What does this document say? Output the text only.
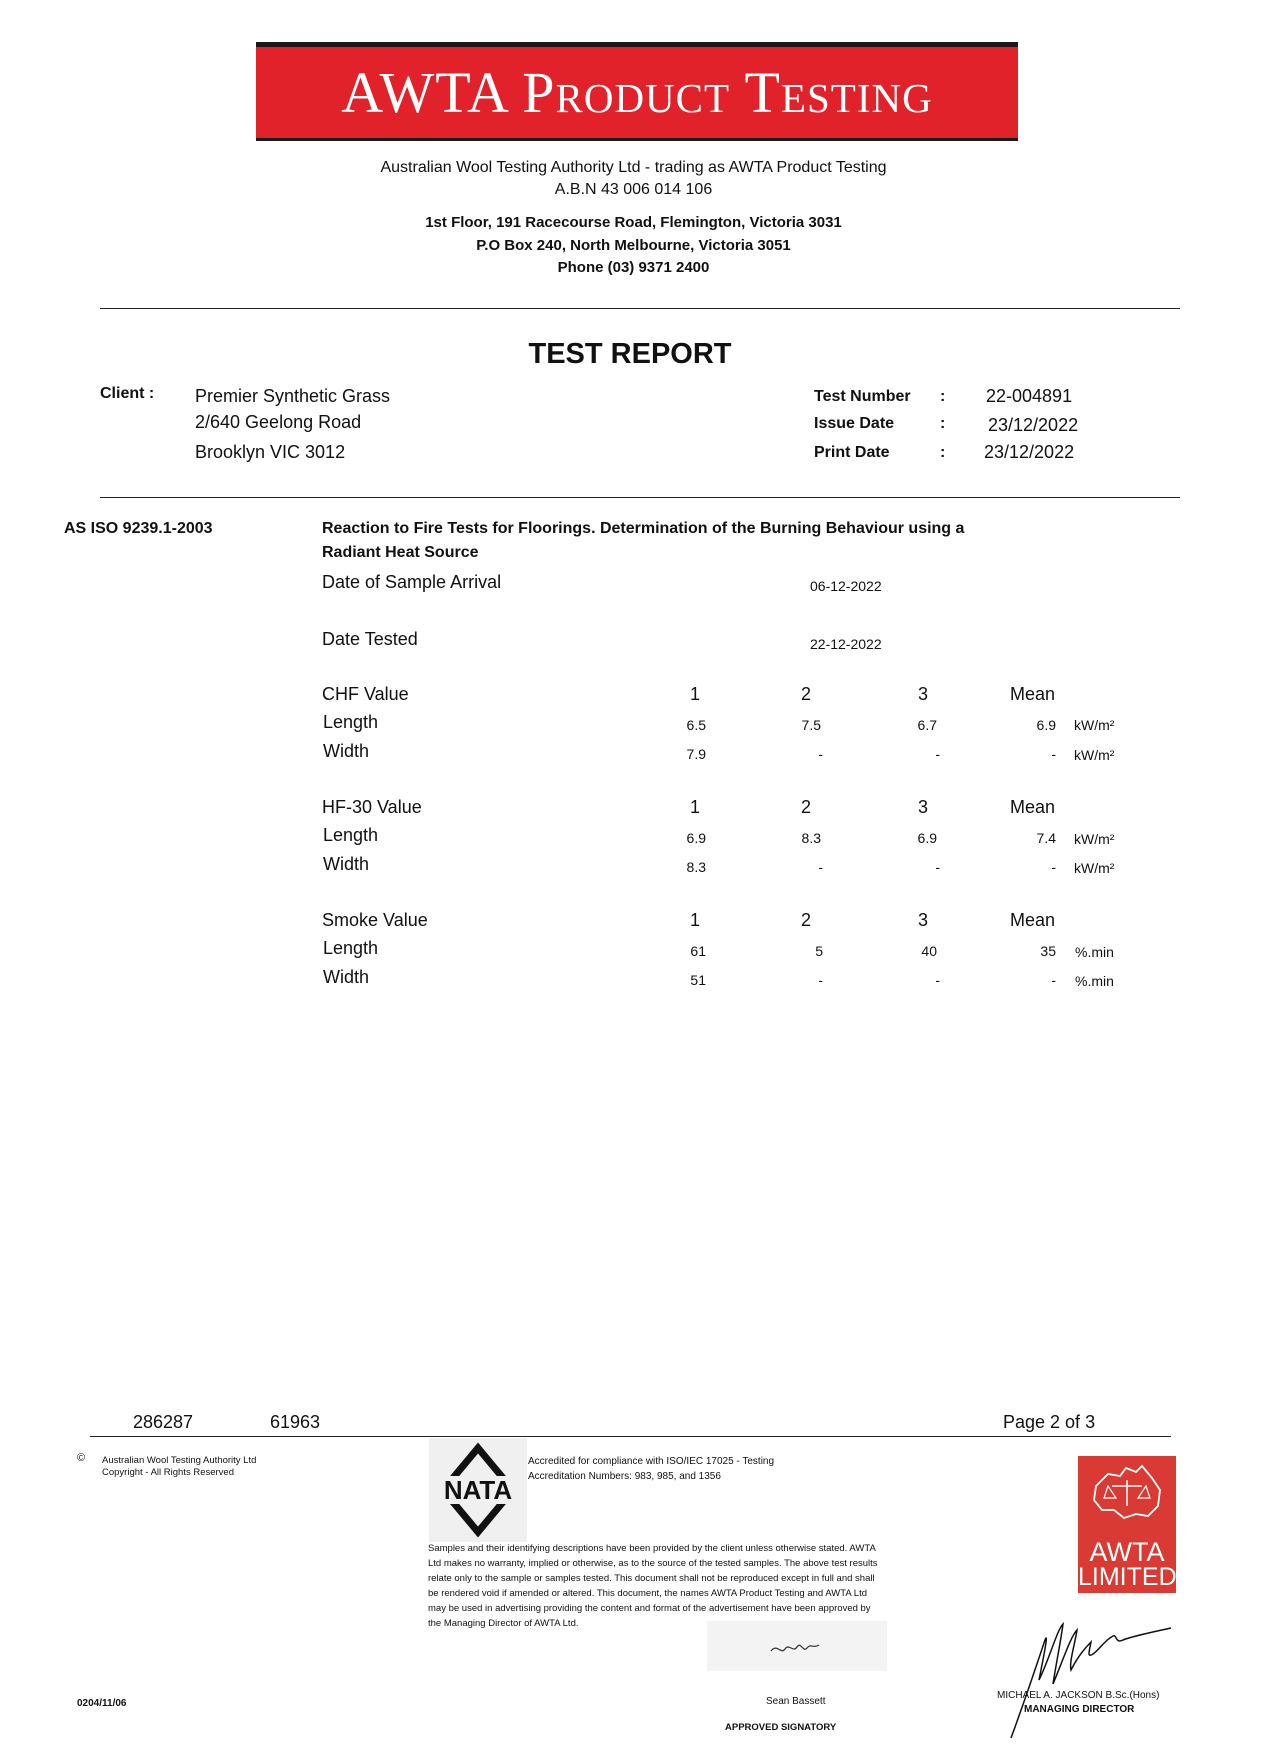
AWTA Product Testing
Australian Wool Testing Authority Ltd - trading as AWTA Product Testing
A.B.N 43 006 014 106
1st Floor, 191 Racecourse Road, Flemington, Victoria 3031
P.O Box 240, North Melbourne, Victoria 3051
Phone (03) 9371 2400
TEST REPORT
Client : Premier Synthetic Grass
2/640 Geelong Road
Brooklyn VIC 3012
Test Number : 22-004891
Issue Date	: 23/12/2022
Print Date	: 23/12/2022
AS ISO 9239.1-2003	Reaction to Fire Tests for Floorings. Determination of the Burning Behaviour using a
Radiant Heat Source
Date of Sample Arrival	06-12-2022
Date Tested	22-12-2022
CHF Value	1	2	3	Mean
Length	6.5	7.5	6.7	6.9 kW/m²
Width	7.9	-	-	- kW/m²
HF-30 Value	1	2	3	Mean
Length	6.9	8.3	6.9	7.4 kW/m²
Width	8.3	-	-	- kW/m²
Smoke Value	1	2	3	Mean
Length	61	5	40	35 %.min
Width	51	-	-	- %.min
286287	61963	Page 2 of 3
© Australian Wool Testing Authority Ltd
Copyright - All Rights Reserved
NATA
Accredited for compliance with ISO/IEC 17025 - Testing
Accreditation Numbers: 983, 985, and 1356
Samples and their identifying descriptions have been provided by the client unless otherwise stated. AWTA
Ltd makes no warranty, implied or otherwise, as to the source of the tested samples. The above test results
relate only to the sample or samples tested. This document shall not be reproduced except in full and shall
be rendered void if amended or altered. This document, the names AWTA Product Testing and AWTA Ltd
may be used in advertising providing the content and format of the advertisement have been approved by
the Managing Director of AWTA Ltd.
AWTA
LIMITED
0204/11/06	Sean Bassett
APPROVED SIGNATORY
MICHAEL A. JACKSON B.Sc.(Hons)
MANAGING DIRECTOR
